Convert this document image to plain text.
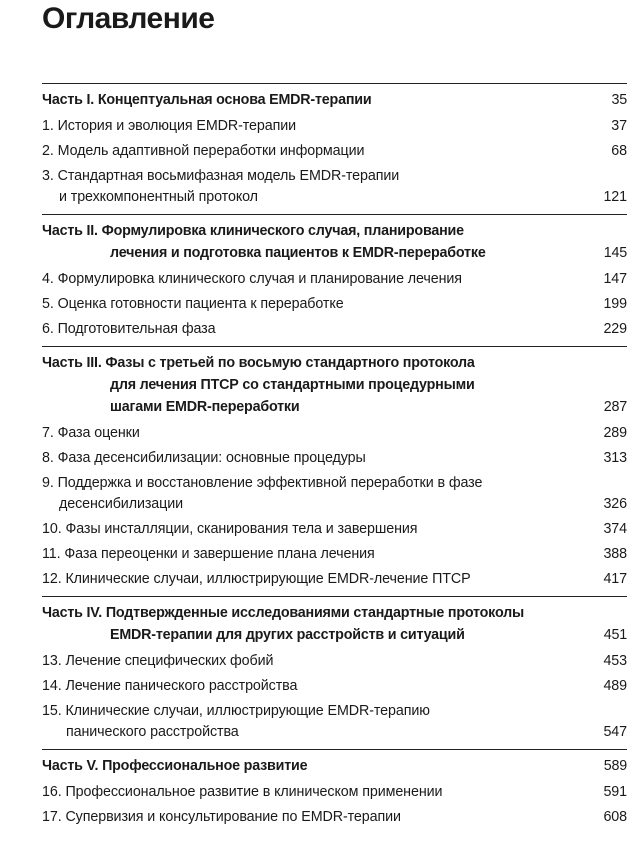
Оглавление
Часть I. Концептуальная основа EMDR-терапии	35
1. История и эволюция EMDR-терапии	37
2. Модель адаптивной переработки информации	68
3. Стандартная восьмифазная модель EMDR-терапии
и трехкомпонентный протокол	121
Часть II. Формулировка клинического случая, планирование
лечения и подготовка пациентов к EMDR-переработке	145
4. Формулировка клинического случая и планирование лечения	147
5. Оценка готовности пациента к переработке	199
6. Подготовительная фаза	229
Часть III. Фазы с третьей по восьмую стандартного протокола
для лечения ПТСР со стандартными процедурными
шагами EMDR-переработки	287
7. Фаза оценки	289
8. Фаза десенсибилизации: основные процедуры	313
9. Поддержка и восстановление эффективной переработки в фазе
десенсибилизации	326
10. Фазы инсталляции, сканирования тела и завершения	374
11. Фаза переоценки и завершение плана лечения	388
12. Клинические случаи, иллюстрирующие EMDR-лечение ПТСР	417
Часть IV. Подтвержденные исследованиями стандартные протоколы
EMDR-терапии для других расстройств и ситуаций	451
13. Лечение специфических фобий	453
14. Лечение панического расстройства	489
15. Клинические случаи, иллюстрирующие EMDR-терапию
панического расстройства	547
Часть V. Профессиональное развитие	589
16. Профессиональное развитие в клиническом применении	591
17. Супервизия и консультирование по EMDR-терапии	608
